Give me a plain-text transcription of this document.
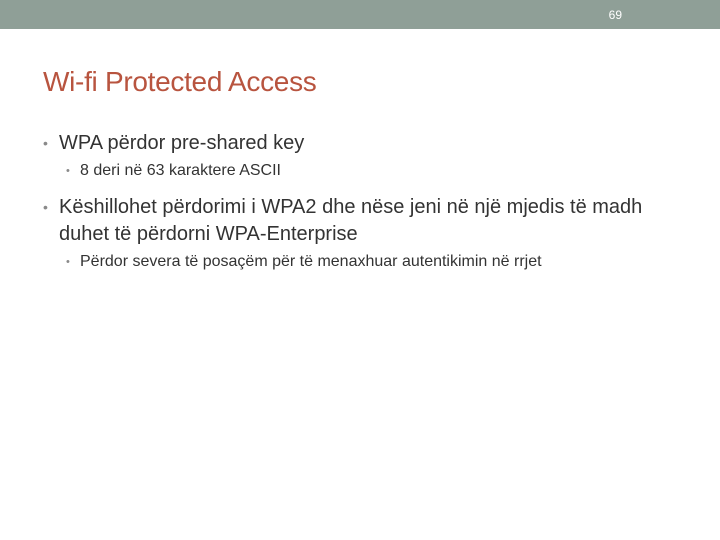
69
Wi-fi Protected Access
• WPA përdor pre-shared key
• 8 deri në 63 karaktere ASCII
• Këshillohet përdorimi i WPA2 dhe nëse jeni në një mjedis të madh duhet të përdorni WPA-Enterprise
• Përdor severa të posaçëm për të menaxhuar autentikimin në rrjet
